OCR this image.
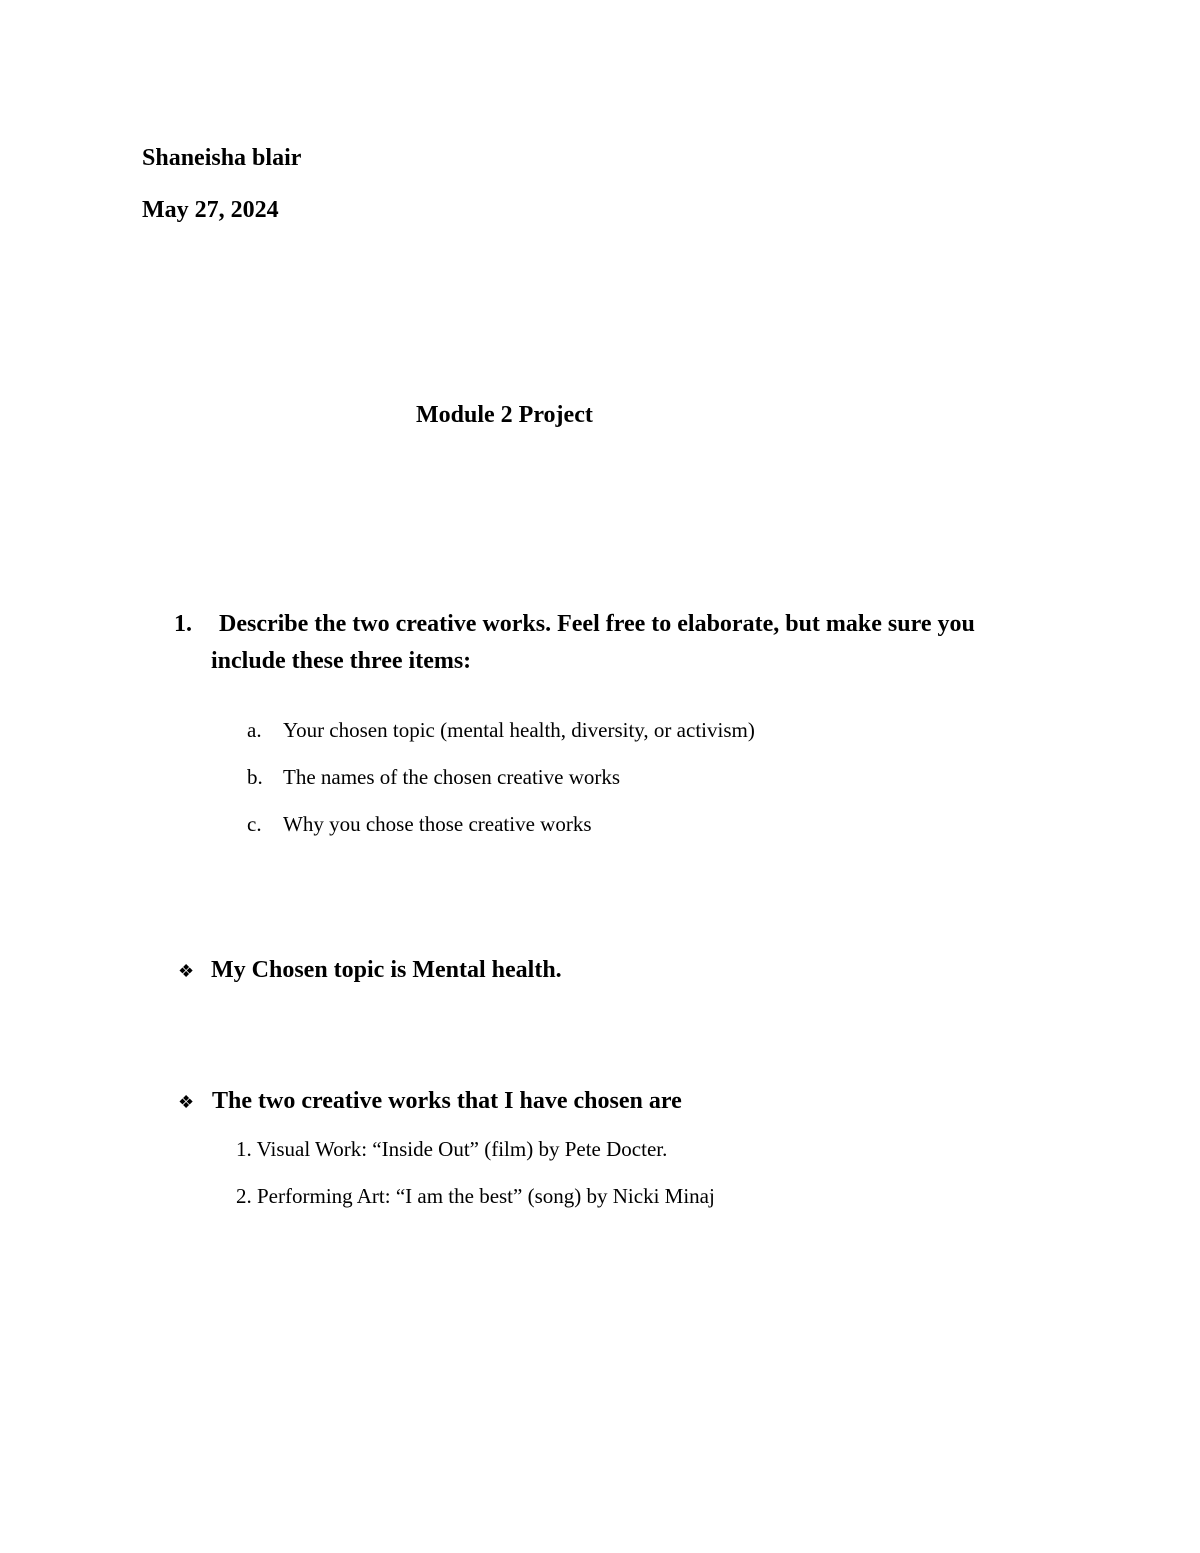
Shaneisha blair
May 27, 2024
Module 2 Project
1. Describe the two creative works. Feel free to elaborate, but make sure you
include these three items:
a. Your chosen topic (mental health, diversity, or activism)
b. The names of the chosen creative works
c. Why you chose those creative works
❖ My Chosen topic is Mental health.
❖ The two creative works that I have chosen are
1. Visual Work: “Inside Out” (film) by Pete Docter.
2. Performing Art: “I am the best” (song) by Nicki Minaj
